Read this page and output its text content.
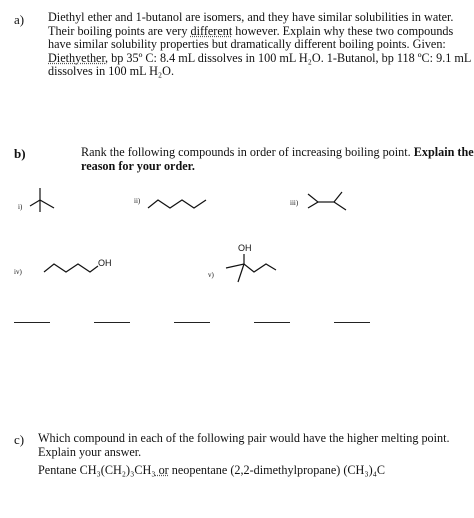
a) Diethyl ether and 1-butanol are isomers, and they have similar solubilities in water.
Their boiling points are very different however. Explain why these two compounds
have similar solubility properties but dramatically different boiling points. Given:
Diethyether, bp 35º C: 8.4 mL dissolves in 100 mL H₂O. 1-Butanol, bp 118 ºC: 9.1 mL
dissolves in 100 mL H₂O.
b)	Rank the following compounds in order of increasing boiling point. Explain the
reason for your order.
i)
ii)	iii)
iv)	v)
OH
OH
c) Which compound in each of the following pair would have the higher melting point.
Explain your answer.
Pentane CH₃(CH₂)₃CH₃ or neopentane (2,2-dimethylpropane) (CH₃)₄C
